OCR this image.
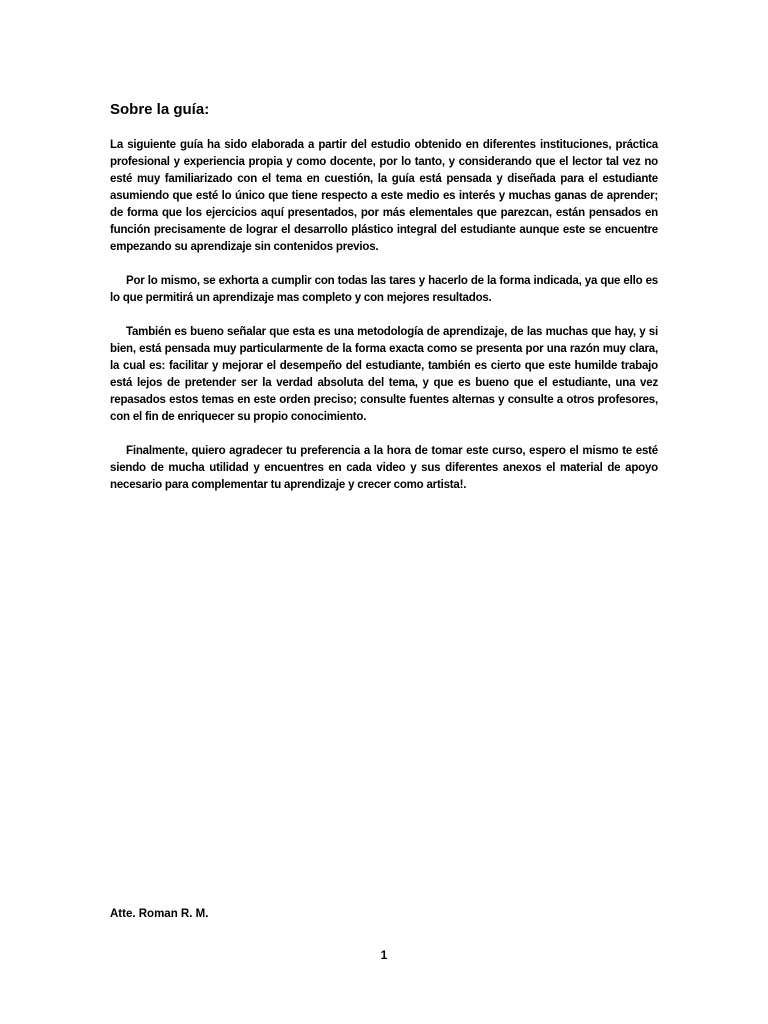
Sobre la guía:

La siguiente guía ha sido elaborada a partir del estudio obtenido en diferentes instituciones, práctica profesional y experiencia propia y como docente, por lo tanto, y considerando que el lector tal vez no esté muy familiarizado con el tema en cuestión, la guía está pensada y diseñada para el estudiante asumiendo que esté lo único que tiene respecto a este medio es interés y muchas ganas de aprender; de forma que los ejercicios aquí presentados, por más elementales que parezcan, están pensados en función precisamente de lograr el desarrollo plástico integral del estudiante aunque este se encuentre empezando su aprendizaje sin contenidos previos.

Por lo mismo, se exhorta a cumplir con todas las tares y hacerlo de la forma indicada, ya que ello es lo que permitirá un aprendizaje mas completo y con mejores resultados.

También es bueno señalar que esta es una metodología de aprendizaje, de las muchas que hay, y si bien, está pensada muy particularmente de la forma exacta como se presenta por una razón muy clara, la cual es: facilitar y mejorar el desempeño del estudiante, también es cierto que este humilde trabajo está lejos de pretender ser la verdad absoluta del tema, y que es bueno que el estudiante, una vez repasados estos temas en este orden preciso; consulte fuentes alternas y consulte a otros profesores, con el fin de enriquecer su propio conocimiento.

Finalmente, quiero agradecer tu preferencia a la hora de tomar este curso, espero el mismo te esté siendo de mucha utilidad y encuentres en cada video y sus diferentes anexos el material de apoyo necesario para complementar tu aprendizaje y crecer como artista!.

Atte. Roman R. M.
1
